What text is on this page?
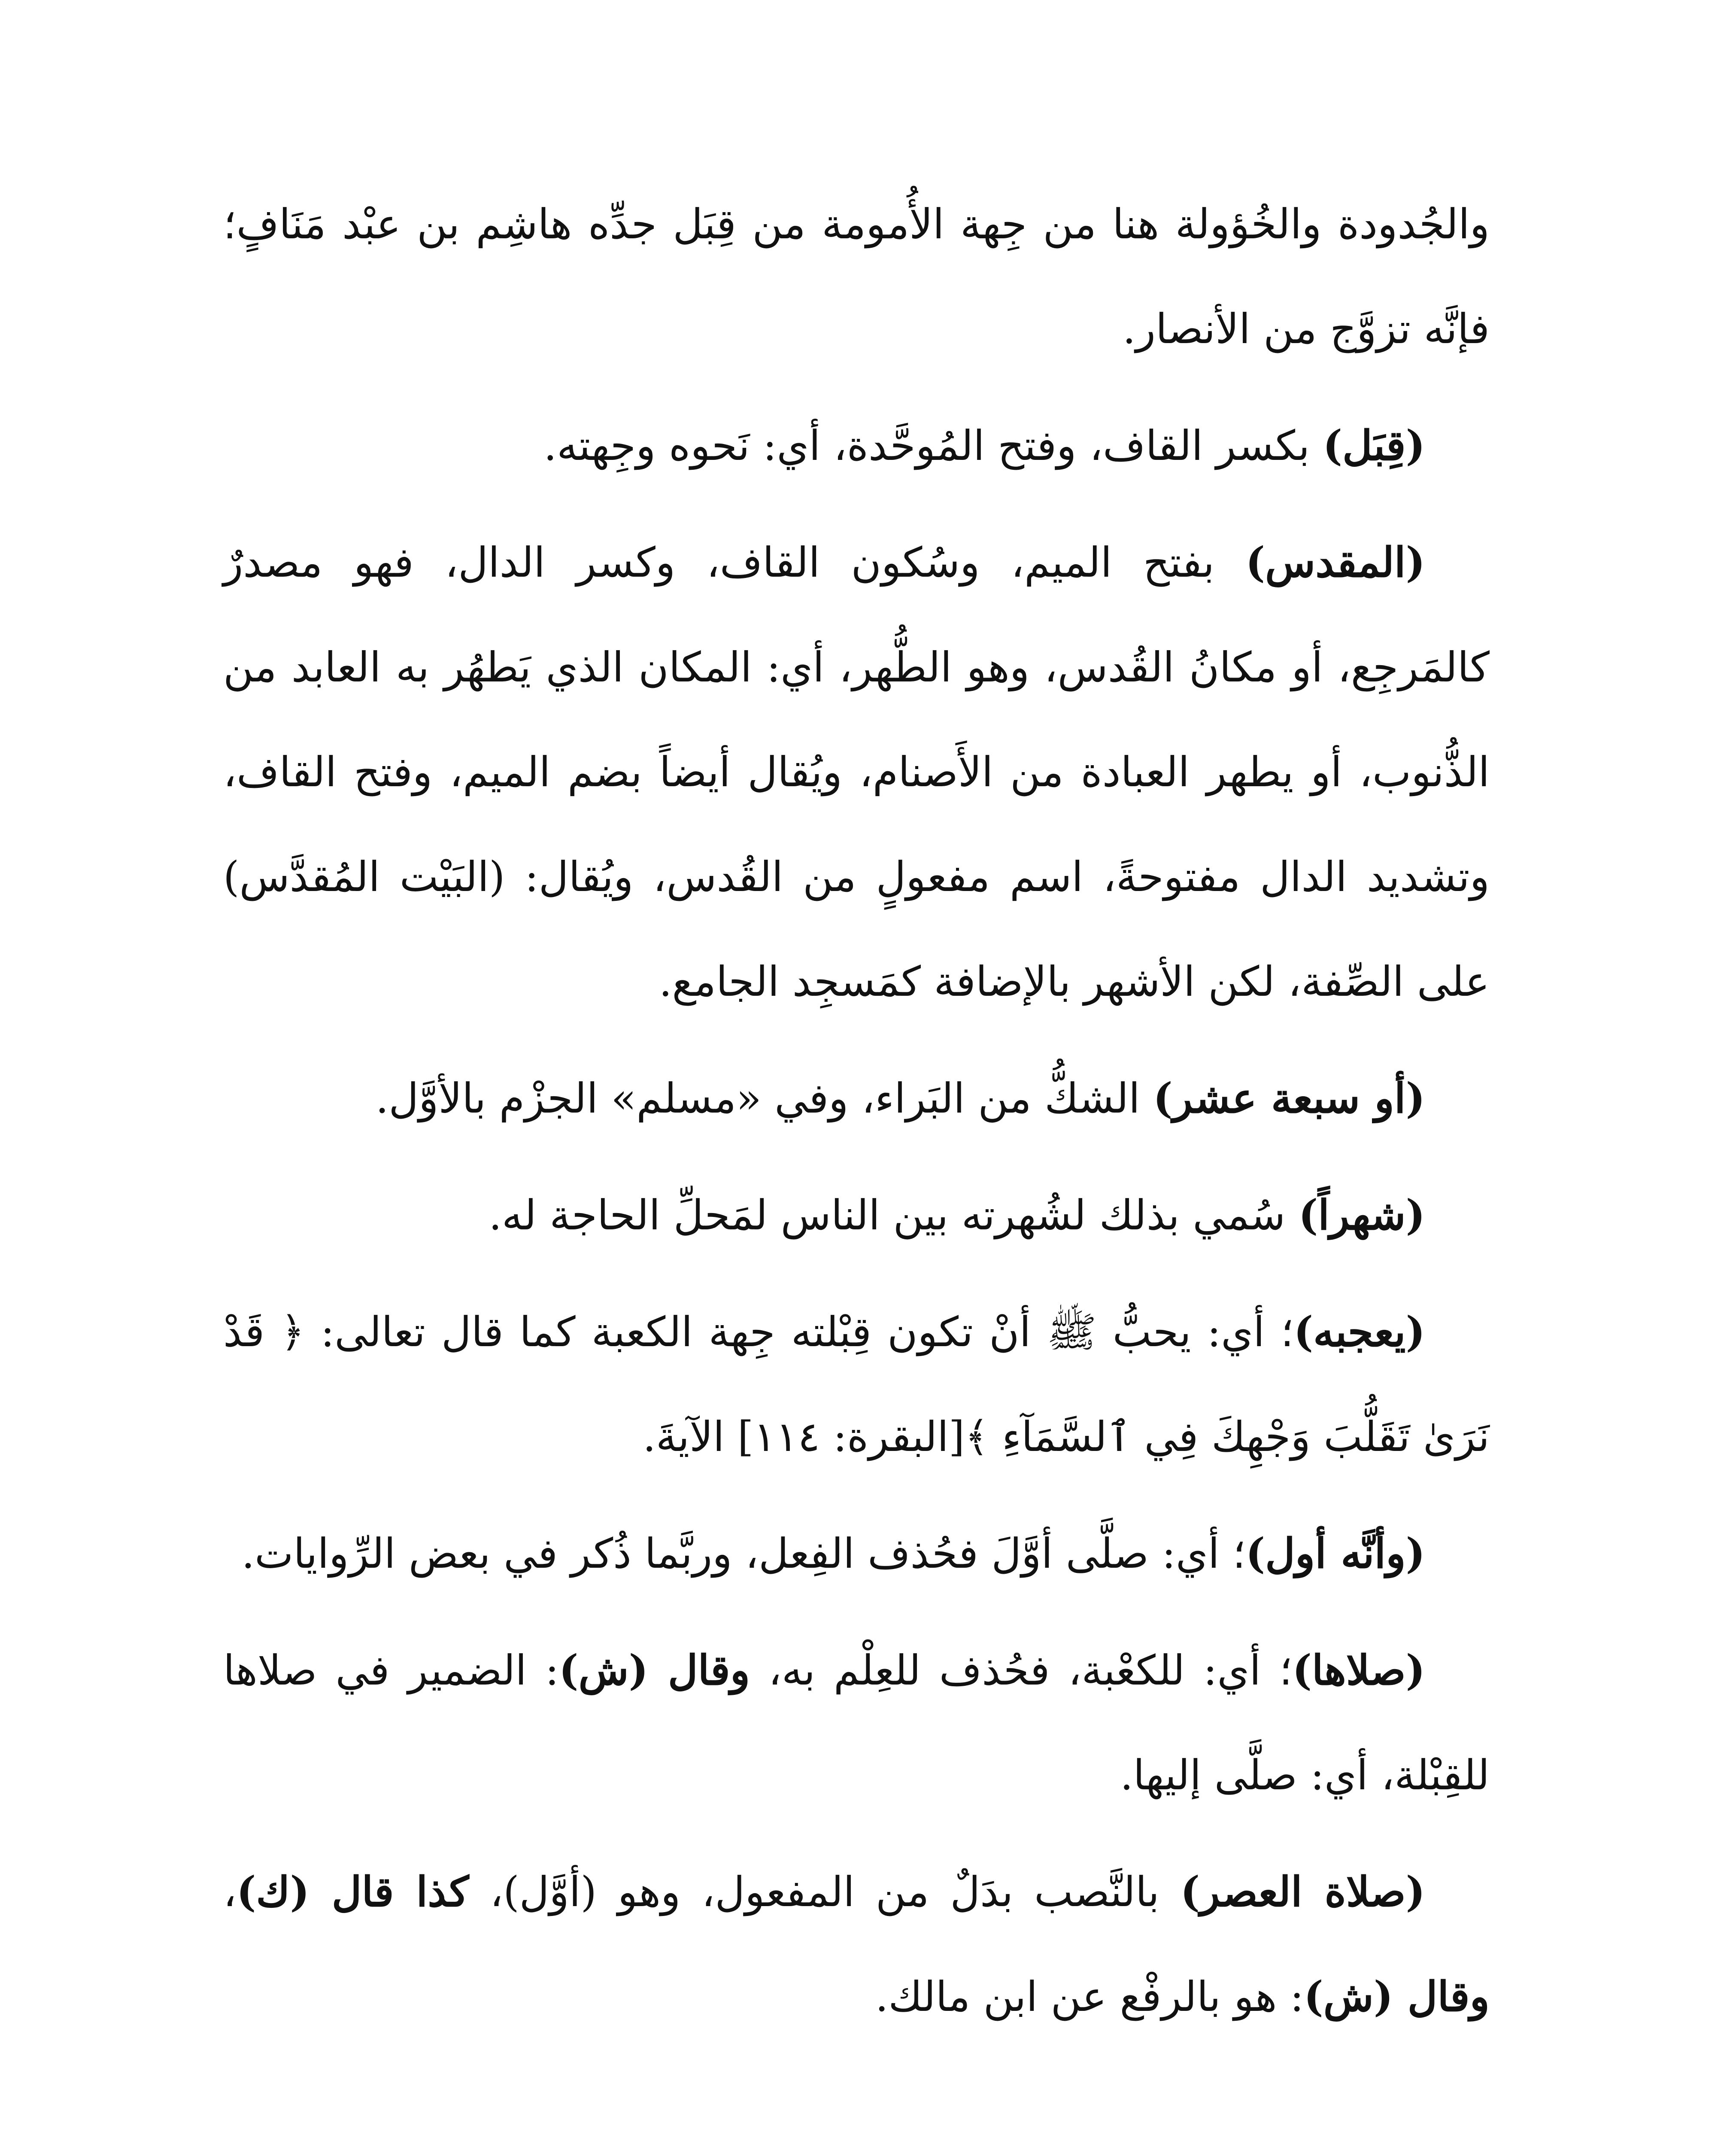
والجُدودة والخُؤولة هنا من جِهة الأُمومة من قِبَل جدِّه هاشِم بن عبْد مَنَافٍ؛ فإنَّه تزوَّج من الأنصار.

(قِبَل) بكسر القاف، وفتح المُوحَّدة، أي: نَحوه وجِهته.

(المقدس) بفتح الميم، وسُكون القاف، وكسر الدال، فهو مصدرٌ كالمَرجِع، أو مكانُ القُدس، وهو الطُّهر، أي: المكان الذي يَطهُر به العابد من الذُّنوب، أو يطهر العبادة من الأَصنام، ويُقال أيضاً بضم الميم، وفتح القاف، وتشديد الدال مفتوحةً، اسم مفعولٍ من القُدس، ويُقال: (البَيْت المُقدَّس) على الصِّفة، لكن الأشهر بالإضافة كمَسجِد الجامع.

(أو سبعة عشر) الشكُّ من البَراء، وفي «مسلم» الجزْم بالأوَّل.

(شهراً) سُمي بذلك لشُهرته بين الناس لمَحلِّ الحاجة له.

(يعجبه)؛ أي: يحبُّ ﷺ أنْ تكون قِبْلته جِهة الكعبة كما قال تعالى: ﴿ قَدْ نَرَىٰ تَقَلُّبَ وَجْهِكَ فِي ٱلسَّمَآءِ ﴾[البقرة: ١١٤] الآيةَ.

(وأنَّه أول)؛ أي: صلَّى أوَّلَ فحُذف الفِعل، وربَّما ذُكر في بعض الرِّوايات.

(صلاها)؛ أي: للكعْبة، فحُذف للعِلْم به، وقال (ش): الضمير في صلاها للقِبْلة، أي: صلَّى إليها.

(صلاة العصر) بالنَّصب بدَلٌ من المفعول، وهو (أوَّل)، كذا قال (ك)، وقال (ش): هو بالرفْع عن ابن مالك.
